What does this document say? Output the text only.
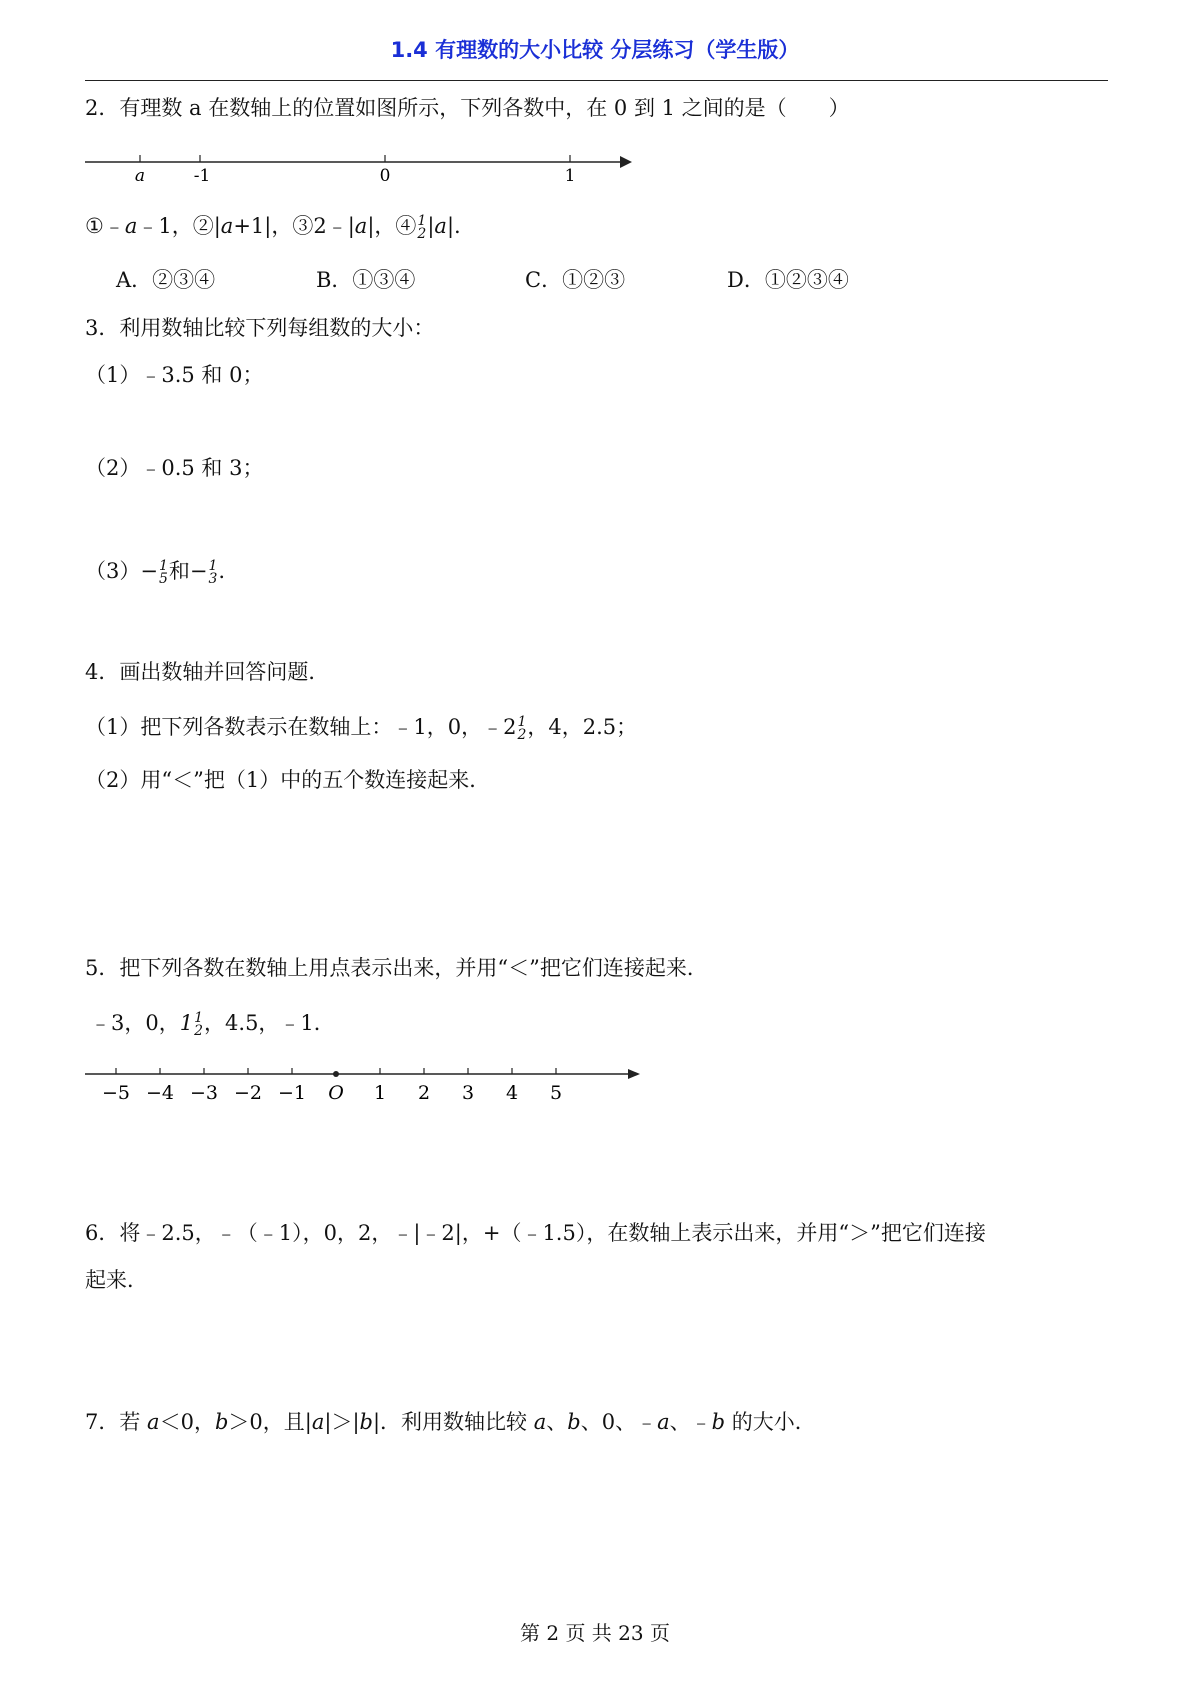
1.4 有理数的大小比较 分层练习（学生版）
2．有理数 a 在数轴上的位置如图所示，下列各数中，在 0 到 1 之间的是（　　）
a	-1	0	1
①﹣a﹣1，②|a+1|，③2﹣|a|，④ 1
2 |a|.
A．②③④	B．①③④	C．①②③	D．①②③④
3．利用数轴比较下列每组数的大小：
（1）﹣3.5 和 0；
（2）﹣0.5 和 3；
（3）− 1
5 和− 1
3 .
4．画出数轴并回答问题．
（1）把下列各数表示在数轴上：﹣1，0，﹣2 1
2 ，4，2.5；
（2）用“＜”把（1）中的五个数连接起来．
5．把下列各数在数轴上用点表示出来，并用“＜”把它们连接起来．
﹣3，0，1 1
2 ，4.5，﹣1．
−5 −4 −3 −2 −1 O 1 2 3 4 5
6．将﹣2.5，﹣（﹣1），0，2，﹣|﹣2|，+（﹣1.5），在数轴上表示出来，并用“＞”把它们连接
起来．
7．若 a＜0，b＞0，且|a|＞|b|．利用数轴比较 a、b、0、﹣a、﹣b 的大小．
第 2 页 共 23 页
